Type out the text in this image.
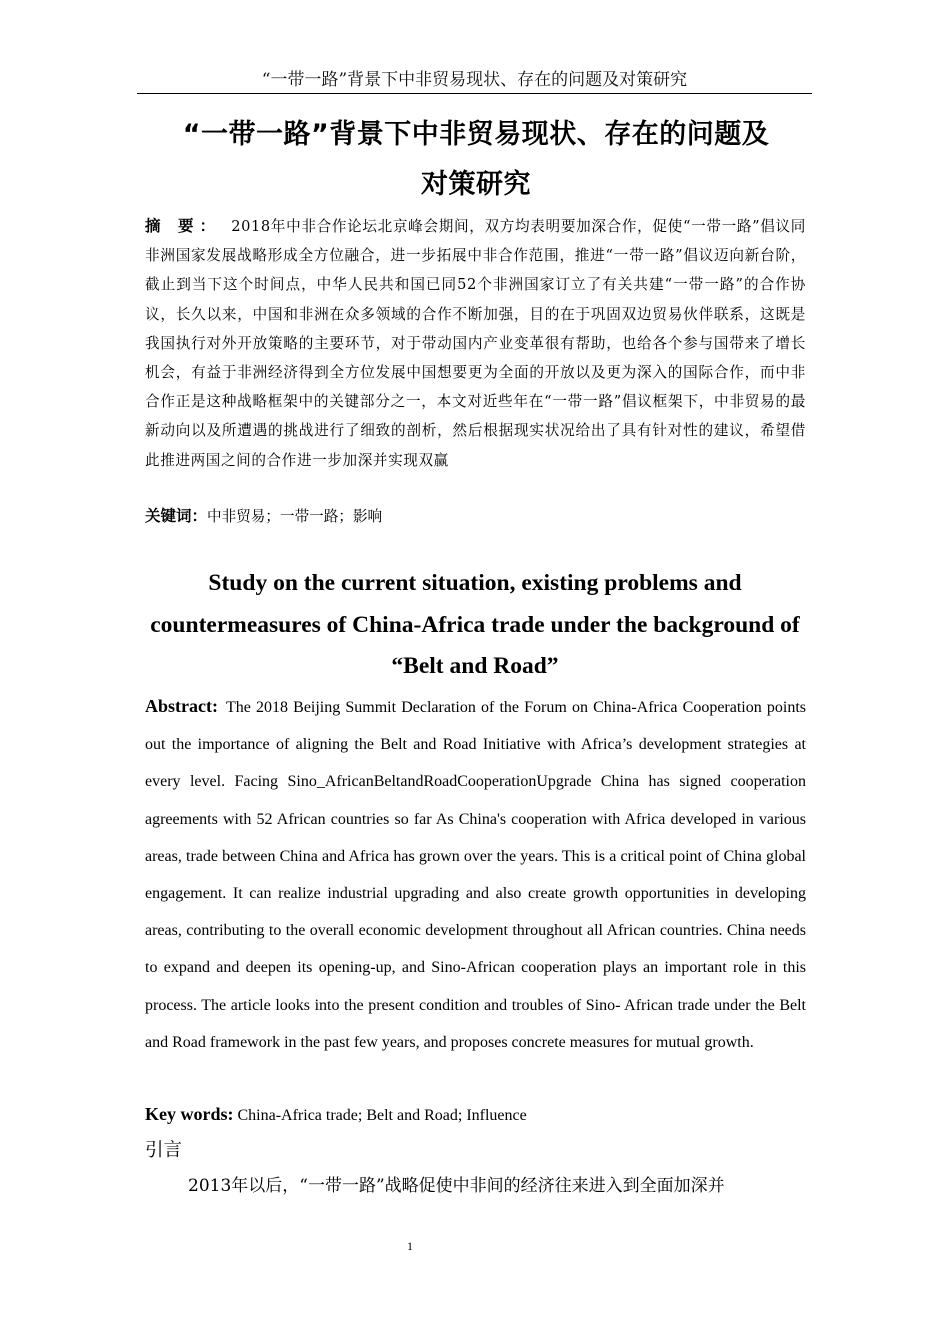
“一带一路”背景下中非贸易现状、存在的问题及对策研究
“一带一路”背景下中非贸易现状、存在的问题及
对策研究
摘 要： 2018年中非合作论坛北京峰会期间，双方均表明要加深合作，促使“一带一路”倡议同非洲国家发展战略形成全方位融合，进一步拓展中非合作范围，推进“一带一路”倡议迈向新台阶，截止到当下这个时间点，中华人民共和国已同52个非洲国家订立了有关共建“一带一路”的合作协议，长久以来，中国和非洲在众多领域的合作不断加强，目的在于巩固双边贸易伙伴联系，这既是我国执行对外开放策略的主要环节，对于带动国内产业变革很有帮助，也给各个参与国带来了增长机会，有益于非洲经济得到全方位发展中国想要更为全面的开放以及更为深入的国际合作，而中非合作正是这种战略框架中的关键部分之一，本文对近些年在“一带一路”倡议框架下，中非贸易的最新动向以及所遭遇的挑战进行了细致的剖析，然后根据现实状况给出了具有针对性的建议，希望借此推进两国之间的合作进一步加深并实现双赢
关键词：中非贸易；一带一路；影响
Study on the current situation, existing problems and
countermeasures of China-Africa trade under the background of
“Belt and Road”
Abstract: The 2018 Beijing Summit Declaration of the Forum on China-Africa Cooperation points out the importance of aligning the Belt and Road Initiative with Africa’s development strategies at every level. Facing Sino_AfricanBeltandRoadCooperationUpgrade China has signed cooperation agreements with 52 African countries so far As China's cooperation with Africa developed in various areas, trade between China and Africa has grown over the years. This is a critical point of China global engagement. It can realize industrial upgrading and also create growth opportunities in developing areas, contributing to the overall economic development throughout all African countries. China needs to expand and deepen its opening-up, and Sino-African cooperation plays an important role in this process. The article looks into the present condition and troubles of Sino- African trade under the Belt and Road framework in the past few years, and proposes concrete measures for mutual growth.
Key words: China-Africa trade; Belt and Road; Influence
引言
2013年以后，“一带一路”战略促使中非间的经济往来进入到全面加深并
1
